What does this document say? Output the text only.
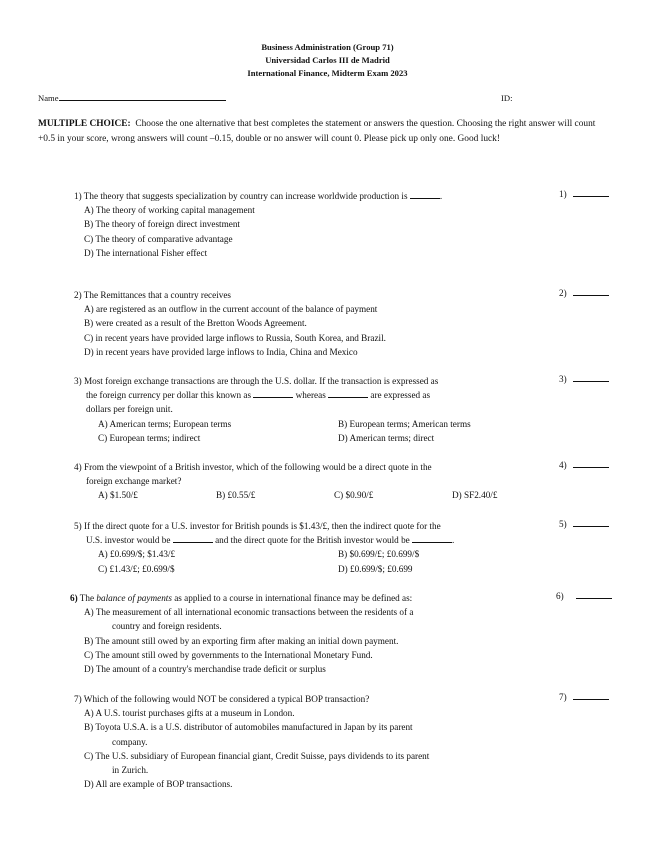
Business Administration (Group 71)
Universidad Carlos III de Madrid
International Finance, Midterm Exam 2023
Name	ID:
MULTIPLE CHOICE: Choose the one alternative that best completes the statement or answers the question. Choosing the right answer will count +0.5 in your score, wrong answers will count –0.15, double or no answer will count 0. Please pick up only one. Good luck!
1) The theory that suggests specialization by country can increase worldwide production is	.
A) The theory of working capital management
B) The theory of foreign direct investment
C) The theory of comparative advantage
D) The international Fisher effect
1)
2) The Remittances that a country receives
A) are registered as an outflow in the current account of the balance of payment
B) were created as a result of the Bretton Woods Agreement.
C) in recent years have provided large inflows to Russia, South Korea, and Brazil.
D) in recent years have provided large inflows to India, China and Mexico
2)
3) Most foreign exchange transactions are through the U.S. dollar. If the transaction is expressed as
the foreign currency per dollar this known as	whereas	are expressed as
dollars per foreign unit.
A) American terms; European terms	B) European terms; American terms
C) European terms; indirect	D) American terms; direct
3)
4) From the viewpoint of a British investor, which of the following would be a direct quote in the
foreign exchange market?
A) $1.50/£	B) £0.55/£	C) $0.90/£	D) SF2.40/£
4)
5) If the direct quote for a U.S. investor for British pounds is $1.43/£, then the indirect quote for the
U.S. investor would be	and the direct quote for the British investor would be	.
A) £0.699/$; $1.43/£	B) $0.699/£; £0.699/$
C) £1.43/£; £0.699/$	D) £0.699/$; £0.699
5)
6) The balance of payments as applied to a course in international finance may be defined as:
A) The measurement of all international economic transactions between the residents of a
country and foreign residents.
B) The amount still owed by an exporting firm after making an initial down payment.
C) The amount still owed by governments to the International Monetary Fund.
D) The amount of a country's merchandise trade deficit or surplus
6)
7) Which of the following would NOT be considered a typical BOP transaction?
A) A U.S. tourist purchases gifts at a museum in London.
B) Toyota U.S.A. is a U.S. distributor of automobiles manufactured in Japan by its parent
company.
C) The U.S. subsidiary of European financial giant, Credit Suisse, pays dividends to its parent
in Zurich.
D) All are example of BOP transactions.
7)
